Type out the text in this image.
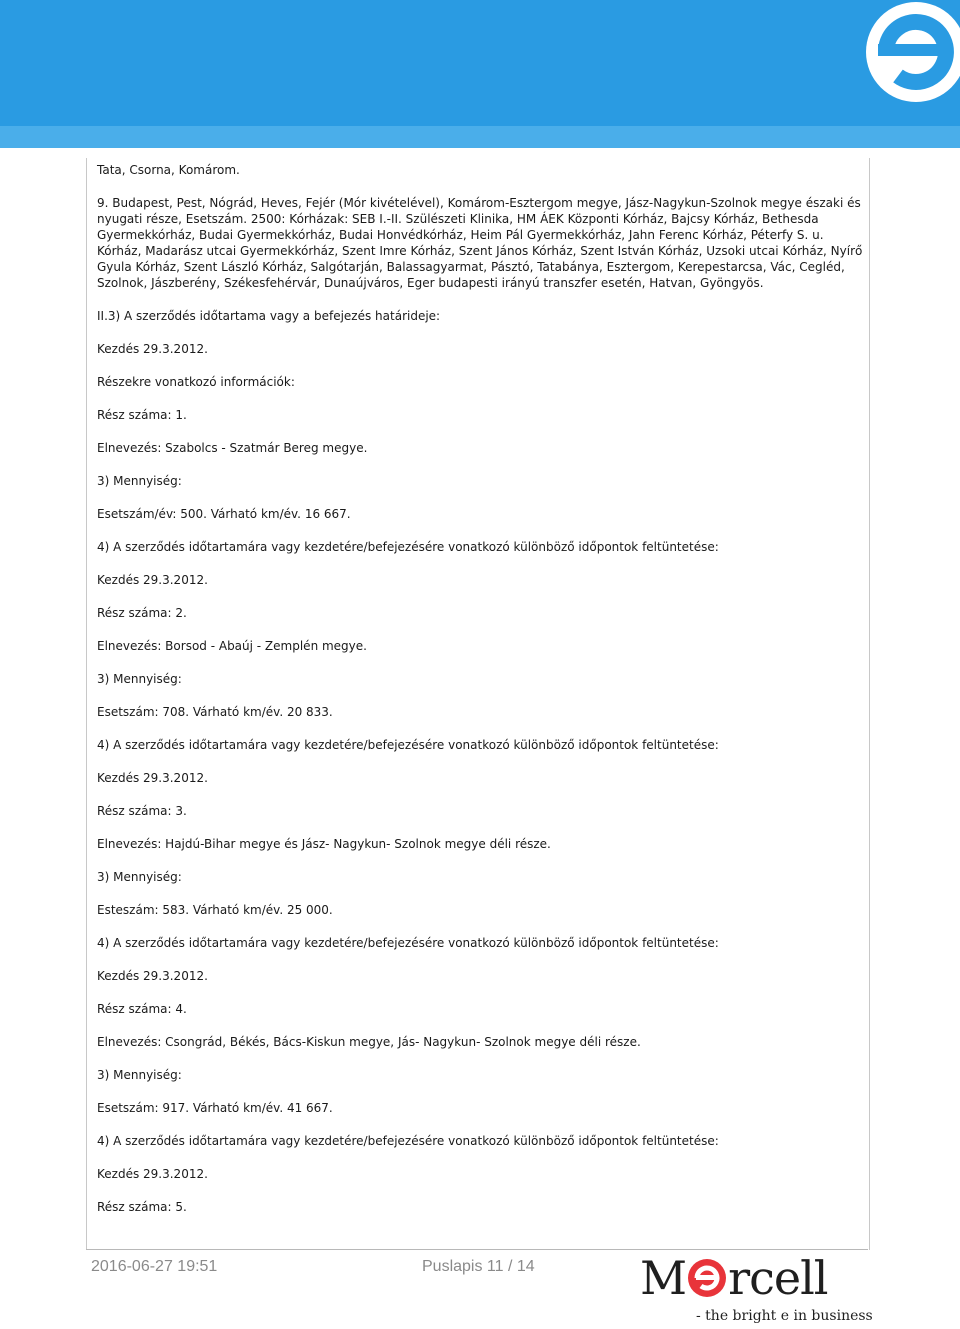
Tata, Csorna, Komárom.

9. Budapest, Pest, Nógrád, Heves, Fejér (Mór kivételével), Komárom-Esztergom megye, Jász-Nagykun-Szolnok megye északi és nyugati része, Esetszám. 2500: Kórházak: SEB I.-II. Szülészeti Klinika, HM ÁEK Központi Kórház, Bajcsy Kórház, Bethesda Gyermekkórház, Budai Gyermekkórház, Budai Honvédkórház, Heim Pál Gyermekkórház, Jahn Ferenc Kórház, Péterfy S. u. Kórház, Madarász utcai Gyermekkórház, Szent Imre Kórház, Szent János Kórház, Szent István Kórház, Uzsoki utcai Kórház, Nyírő Gyula Kórház, Szent László Kórház, Salgótarján, Balassagyarmat, Pásztó, Tatabánya, Esztergom, Kerepestarcsa, Vác, Cegléd, Szolnok, Jászberény, Székesfehérvár, Dunaújváros, Eger budapesti irányú transzfer esetén, Hatvan, Gyöngyös.

II.3) A szerződés időtartama vagy a befejezés határideje:

Kezdés 29.3.2012.

Részekre vonatkozó információk:

Rész száma: 1.

Elnevezés: Szabolcs - Szatmár Bereg megye.

3) Mennyiség:

Esetszám/év: 500. Várható km/év. 16 667.

4) A szerződés időtartamára vagy kezdetére/befejezésére vonatkozó különböző időpontok feltüntetése:

Kezdés 29.3.2012.

Rész száma: 2.

Elnevezés: Borsod - Abaúj - Zemplén megye.

3) Mennyiség:

Esetszám: 708. Várható km/év. 20 833.

4) A szerződés időtartamára vagy kezdetére/befejezésére vonatkozó különböző időpontok feltüntetése:

Kezdés 29.3.2012.

Rész száma: 3.

Elnevezés: Hajdú-Bihar megye és Jász- Nagykun- Szolnok megye déli része.

3) Mennyiség:

Esteszám: 583. Várható km/év. 25 000.

4) A szerződés időtartamára vagy kezdetére/befejezésére vonatkozó különböző időpontok feltüntetése:

Kezdés 29.3.2012.

Rész száma: 4.

Elnevezés: Csongrád, Békés, Bács-Kiskun megye, Jás- Nagykun- Szolnok megye déli része.

3) Mennyiség:

Esetszám: 917. Várható km/év. 41 667.

4) A szerződés időtartamára vagy kezdetére/befejezésére vonatkozó különböző időpontok feltüntetése:

Kezdés 29.3.2012.

Rész száma: 5.

2016-06-27 19:51	Puslapis 11 / 14 M rcell
- the bright e in business
